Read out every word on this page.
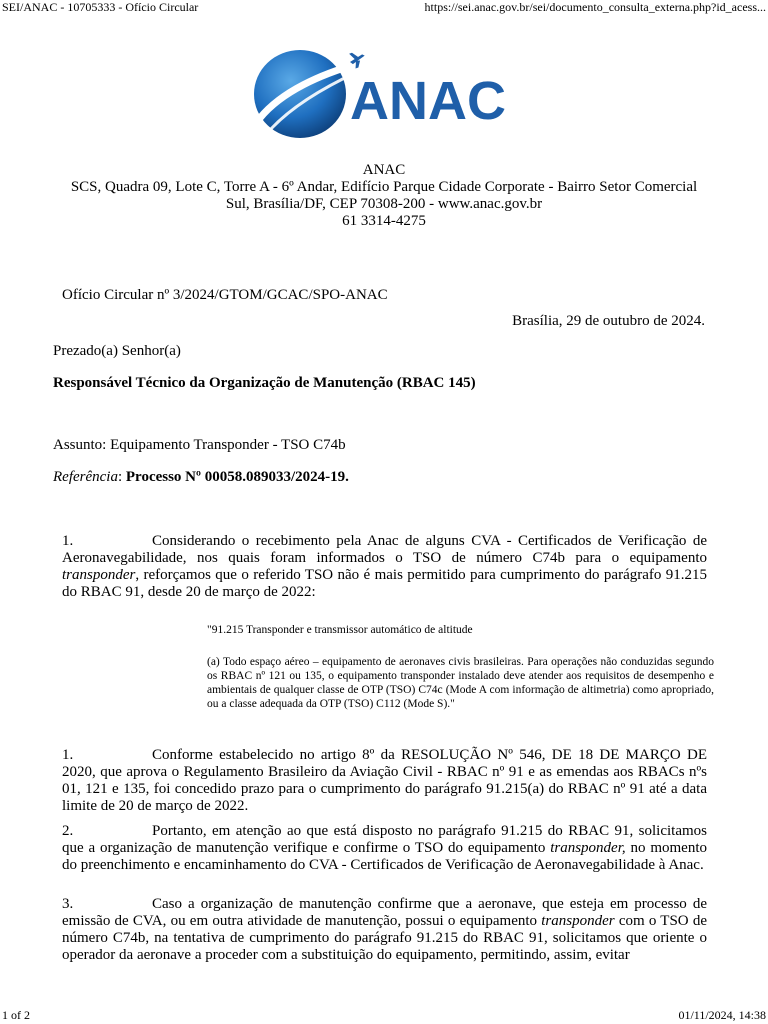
SEI/ANAC - 10705333 - Ofício Circular	https://sei.anac.gov.br/sei/documento_consulta_externa.php?id_acess...
ANAC
ANAC
SCS, Quadra 09, Lote C, Torre A - 6º Andar, Edifício Parque Cidade Corporate - Bairro Setor Comercial
Sul, Brasília/DF, CEP 70308-200 - www.anac.gov.br
61 3314-4275
Ofício Circular nº 3/2024/GTOM/GCAC/SPO-ANAC
Brasília, 29 de outubro de 2024.
Prezado(a) Senhor(a)
Responsável Técnico da Organização de Manutenção (RBAC 145)
Assunto: Equipamento Transponder - TSO C74b
Referência: Processo Nº 00058.089033/2024-19.
1.	Considerando o recebimento pela Anac de alguns CVA - Certificados de Verificação de Aeronavegabilidade, nos quais foram informados o TSO de número C74b para o equipamento transponder, reforçamos que o referido TSO não é mais permitido para cumprimento do parágrafo 91.215 do RBAC 91, desde 20 de março de 2022:
"91.215 Transponder e transmissor automático de altitude
(a) Todo espaço aéreo – equipamento de aeronaves civis brasileiras. Para operações não conduzidas segundo os RBAC nº 121 ou 135, o equipamento transponder instalado deve atender aos requisitos de desempenho e ambientais de qualquer classe de OTP (TSO) C74c (Mode A com informação de altimetria) como apropriado, ou a classe adequada da OTP (TSO) C112 (Mode S)."
1.	Conforme estabelecido no artigo 8º da RESOLUÇÃO Nº 546, DE 18 DE MARÇO DE 2020, que aprova o Regulamento Brasileiro da Aviação Civil - RBAC nº 91 e as emendas aos RBACs nºs 01, 121 e 135, foi concedido prazo para o cumprimento do parágrafo 91.215(a) do RBAC nº 91 até a data limite de 20 de março de 2022.
2.	Portanto, em atenção ao que está disposto no parágrafo 91.215 do RBAC 91, solicitamos que a organização de manutenção verifique e confirme o TSO do equipamento transponder, no momento do preenchimento e encaminhamento do CVA - Certificados de Verificação de Aeronavegabilidade à Anac.
3.	Caso a organização de manutenção confirme que a aeronave, que esteja em processo de emissão de CVA, ou em outra atividade de manutenção, possui o equipamento transponder com o TSO de número C74b, na tentativa de cumprimento do parágrafo 91.215 do RBAC 91, solicitamos que oriente o operador da aeronave a proceder com a substituição do equipamento, permitindo, assim, evitar
1 of 2	01/11/2024, 14:38
